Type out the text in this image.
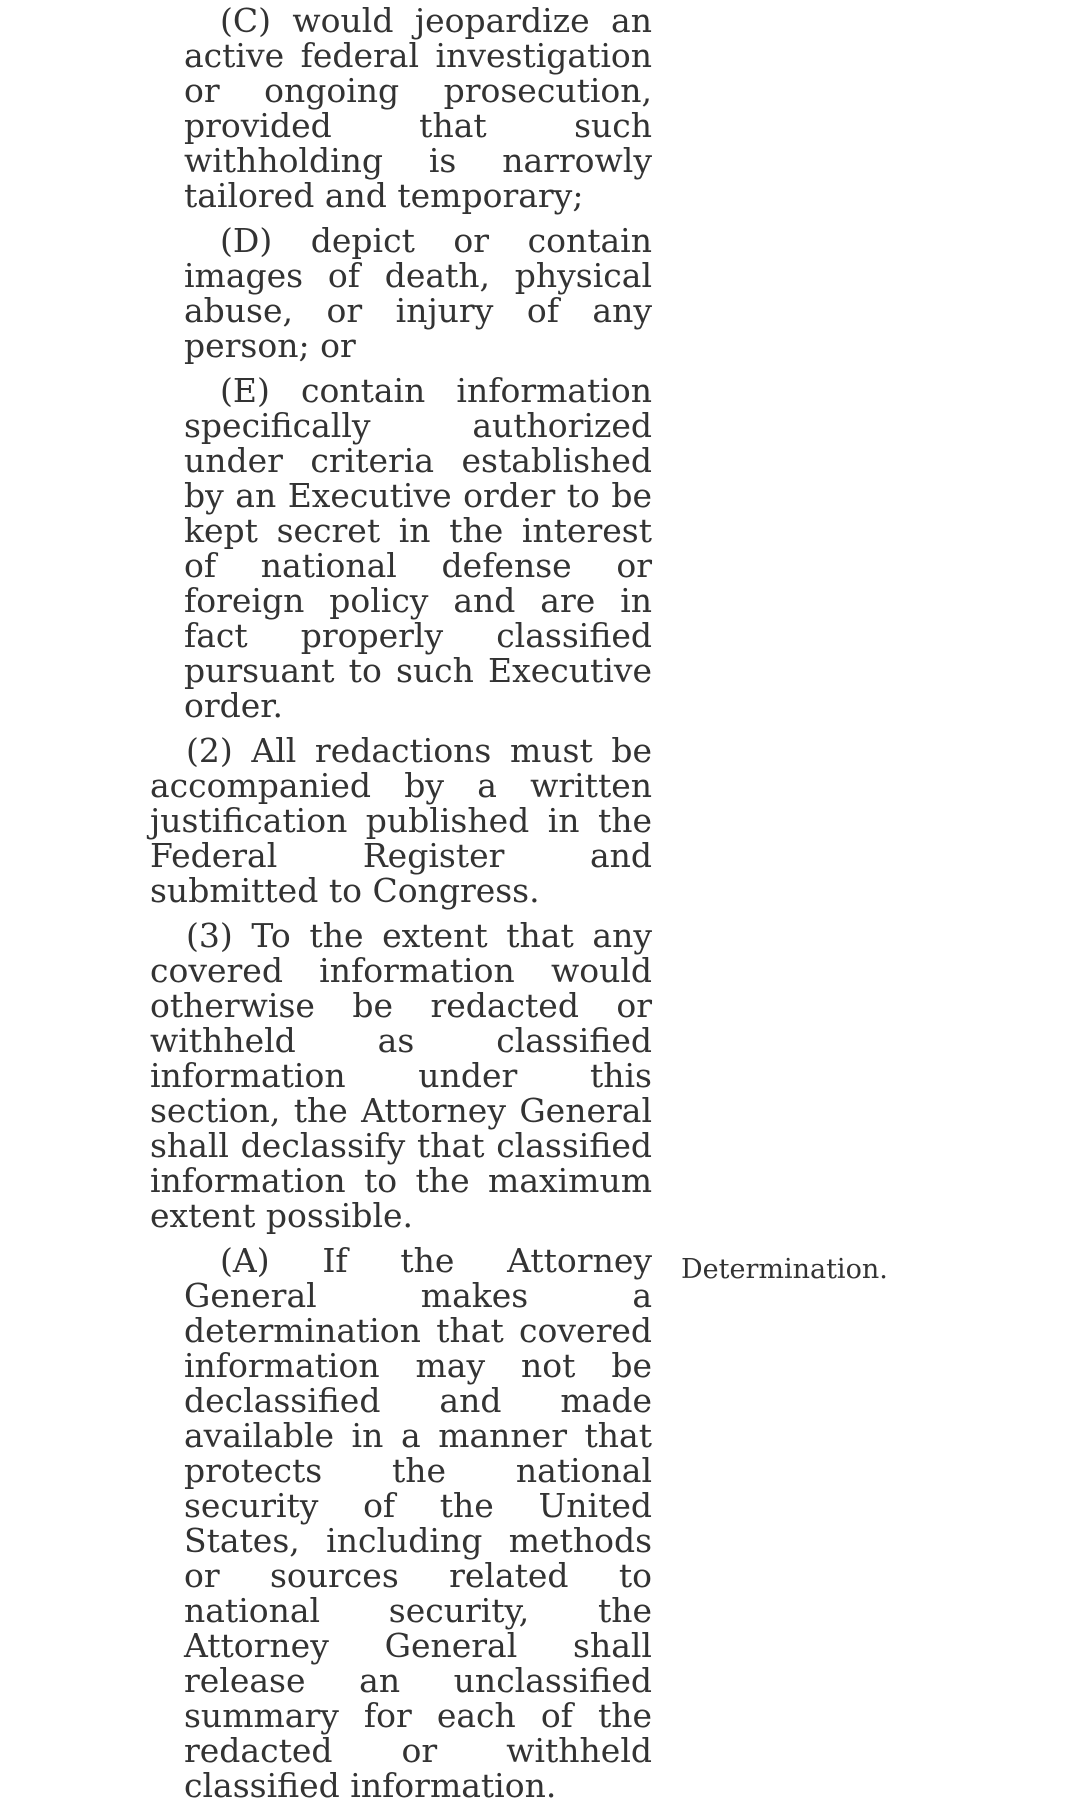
(C) would jeopardize an active federal investigation or ongoing prosecution, provided that such withholding is narrowly tailored and temporary;

(D) depict or contain images of death, physical abuse, or injury of any person; or

(E) contain information specifically authorized under criteria established by an Executive order to be kept secret in the interest of national defense or foreign policy and are in fact properly classified pursuant to such Executive order.

(2) All redactions must be accompanied by a written justification published in the Federal Register and submitted to Congress.

(3) To the extent that any covered information would otherwise be redacted or withheld as classified information under this section, the Attorney General shall declassify that classified information to the maximum extent possible.

(A) If the Attorney General makes a determination that covered information may not be declassified and made available in a manner that protects the national security of the United States, including methods or sources related to national security, the Attorney General shall release an unclassified summary for each of the redacted or withheld classified information.

Determination.
